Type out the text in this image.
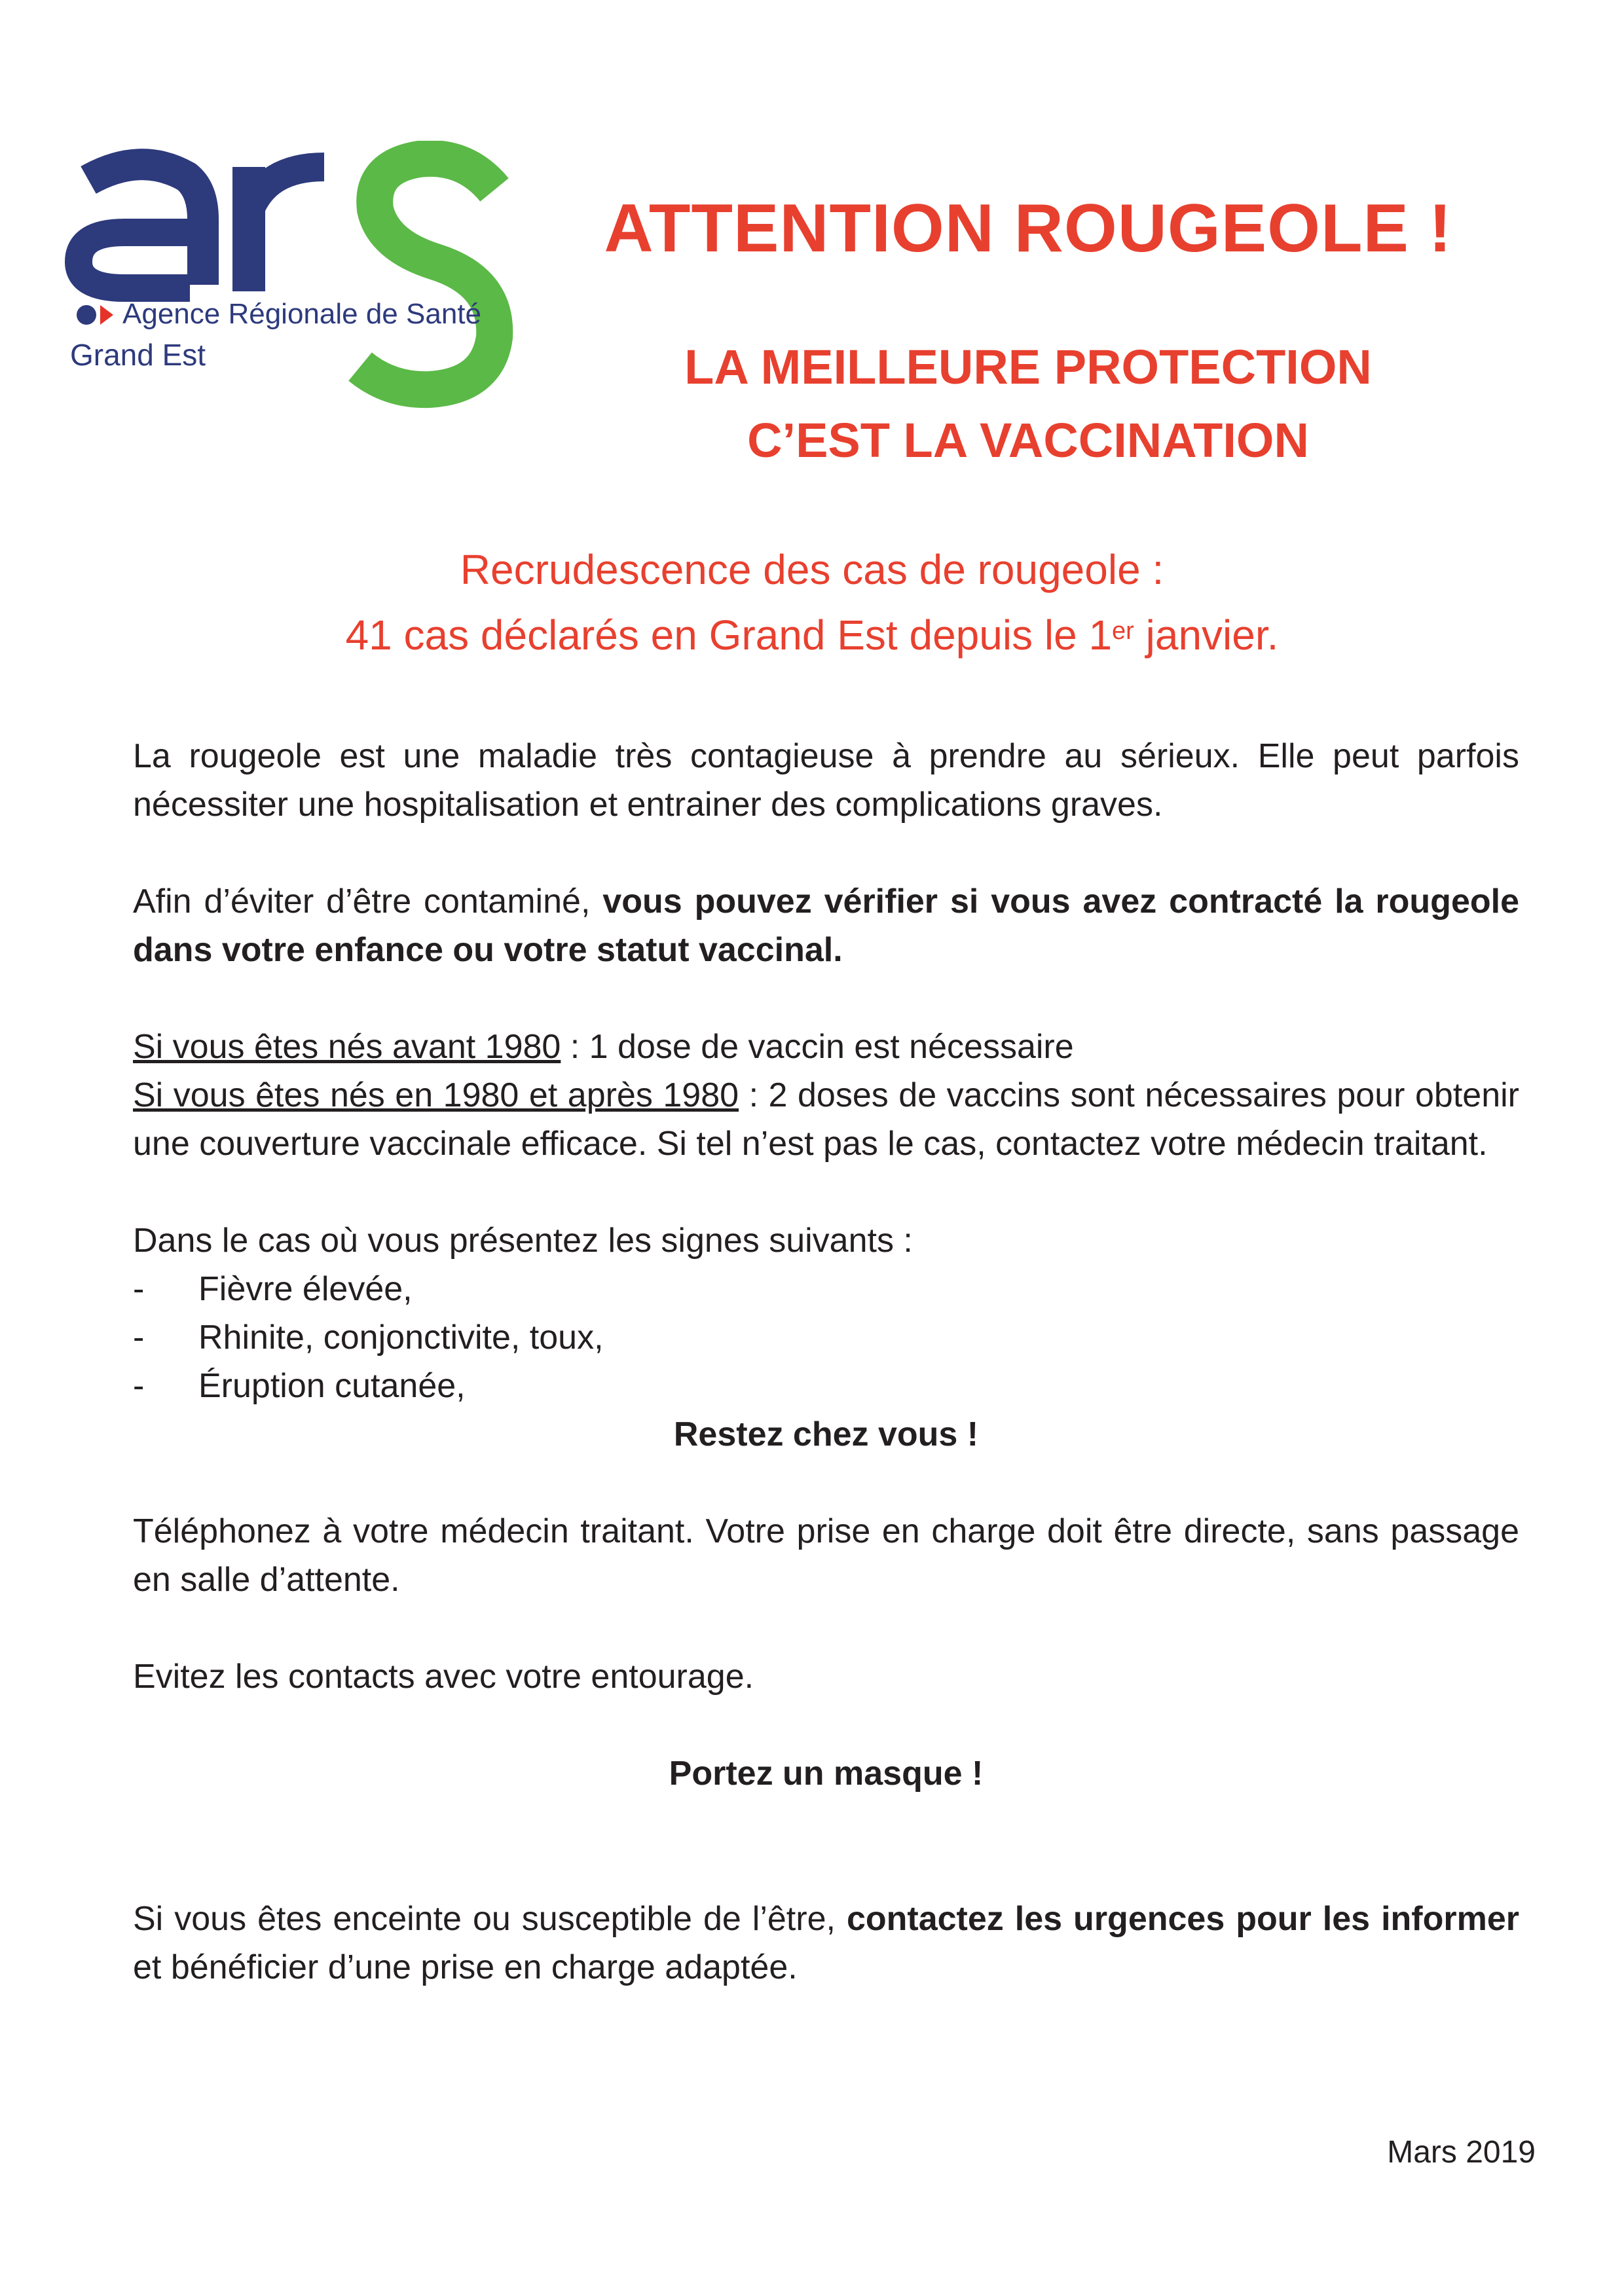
Agence Régionale de Santé
Grand Est
ATTENTION ROUGEOLE !
LA MEILLEURE PROTECTION
C’EST LA VACCINATION
Recrudescence des cas de rougeole :
41 cas déclarés en Grand Est depuis le 1er janvier.

La rougeole est une maladie très contagieuse à prendre au sérieux. Elle peut parfois nécessiter une hospitalisation et entrainer des complications graves.

Afin d’éviter d’être contaminé, vous pouvez vérifier si vous avez contracté la rougeole dans votre enfance ou votre statut vaccinal.

Si vous êtes nés avant 1980 : 1 dose de vaccin est nécessaire

Si vous êtes nés en 1980 et après 1980 : 2 doses de vaccins sont nécessaires pour obtenir une couverture vaccinale efficace. Si tel n’est pas le cas, contactez votre médecin traitant.

Dans le cas où vous présentez les signes suivants :

- Fièvre élevée,
- Rhinite, conjonctivite, toux,
- Éruption cutanée,

Restez chez vous !

Téléphonez à votre médecin traitant. Votre prise en charge doit être directe, sans passage en salle d’attente.

Evitez les contacts avec votre entourage.

Portez un masque !

Si vous êtes enceinte ou susceptible de l’être, contactez les urgences pour les informer et bénéficier d’une prise en charge adaptée.

Mars 2019
